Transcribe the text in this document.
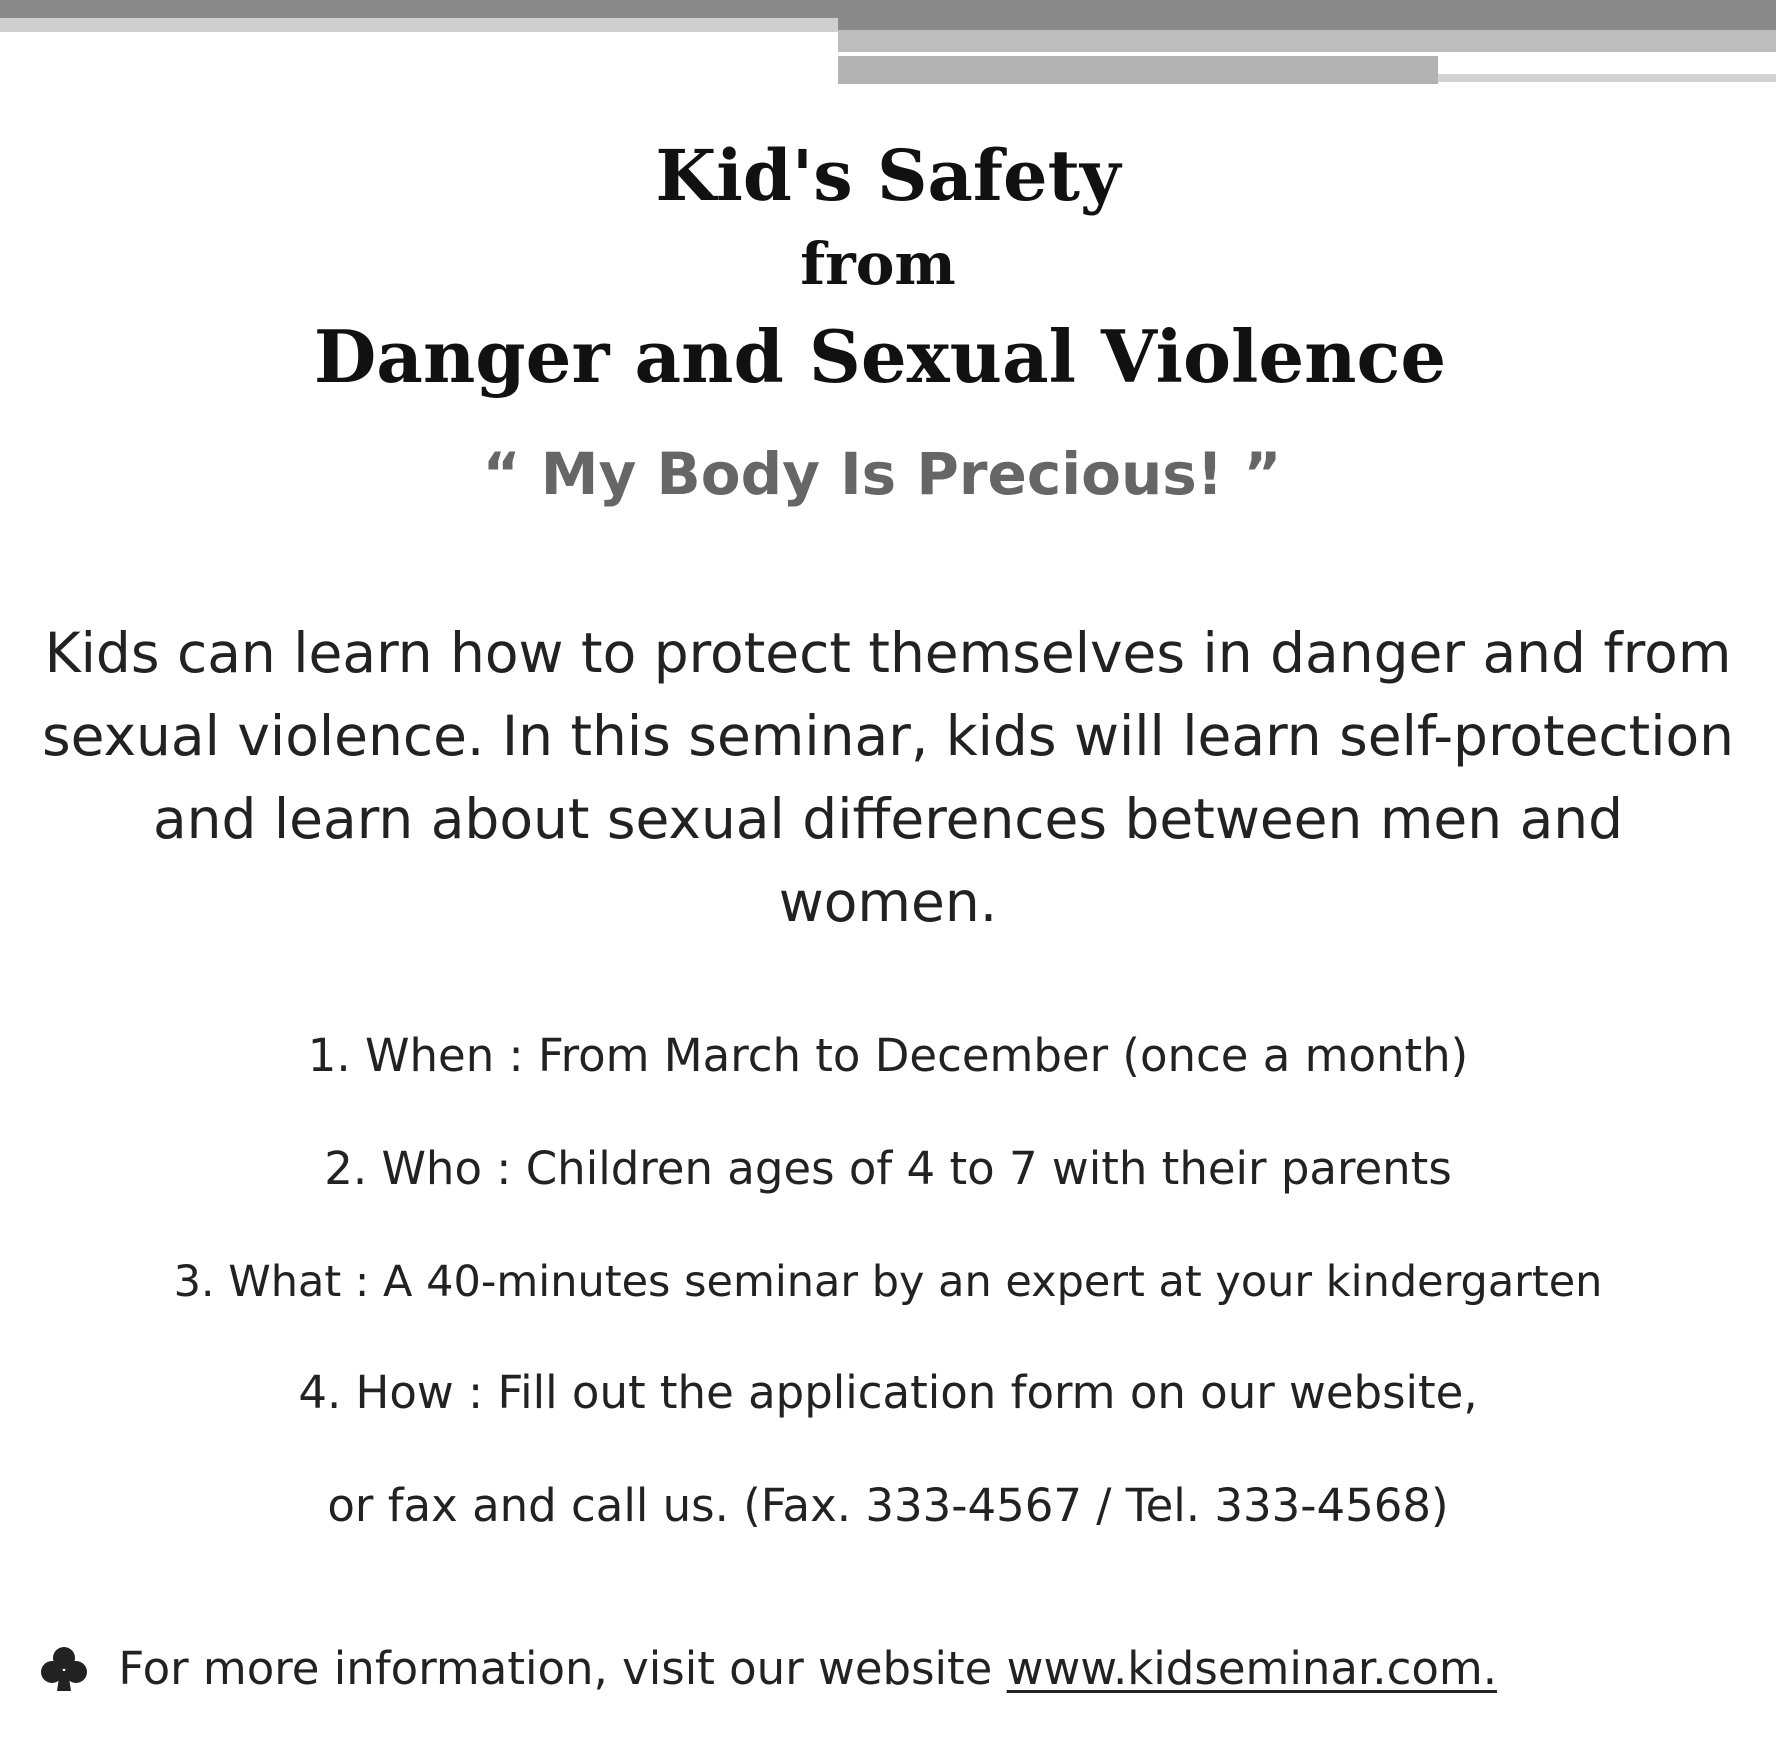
Kid's Safety
from
Danger and Sexual Violence

“ My Body Is Precious! ”

Kids can learn how to protect themselves in danger and from sexual violence. In this seminar, kids will learn self-protection and learn about sexual differences between men and women.

1. When : From March to December (once a month)

2. Who : Children ages of 4 to 7 with their parents

3. What : A 40-minutes seminar by an expert at your kindergarten

4. How : Fill out the application form on our website,

or fax and call us. (Fax. 333-4567 / Tel. 333-4568)

For more information, visit our website www.kidseminar.com.
